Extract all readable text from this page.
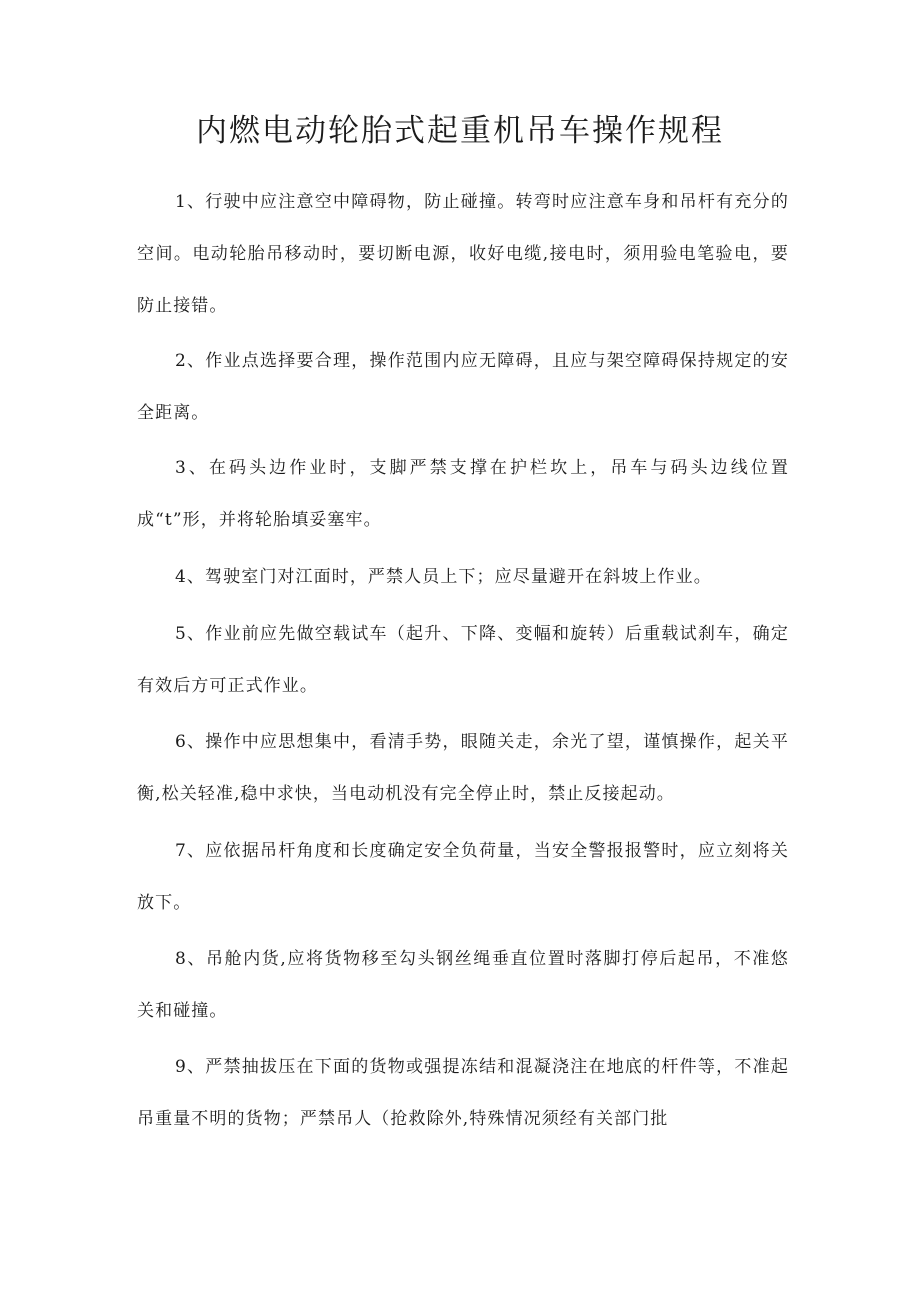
内燃电动轮胎式起重机吊车操作规程

1、行驶中应注意空中障碍物，防止碰撞。转弯时应注意车身和吊杆有充分的空间。电动轮胎吊移动时，要切断电源，收好电缆,接电时，须用验电笔验电，要防止接错。

2、作业点选择要合理，操作范围内应无障碍，且应与架空障碍保持规定的安全距离。

3、在码头边作业时，支脚严禁支撑在护栏坎上，吊车与码头边线位置成“t”形，并将轮胎填妥塞牢。

4、驾驶室门对江面时，严禁人员上下；应尽量避开在斜坡上作业。

5、作业前应先做空载试车（起升、下降、变幅和旋转）后重载试刹车，确定有效后方可正式作业。

6、操作中应思想集中，看清手势，眼随关走，余光了望，谨慎操作，起关平衡,松关轻准,稳中求快，当电动机没有完全停止时，禁止反接起动。

7、应依据吊杆角度和长度确定安全负荷量，当安全警报报警时，应立刻将关放下。

8、吊舱内货,应将货物移至勾头钢丝绳垂直位置时落脚打停后起吊，不准悠关和碰撞。

9、严禁抽拔压在下面的货物或强提冻结和混凝浇注在地底的杆件等，不准起吊重量不明的货物；严禁吊人（抢救除外,特殊情况须经有关部门批
